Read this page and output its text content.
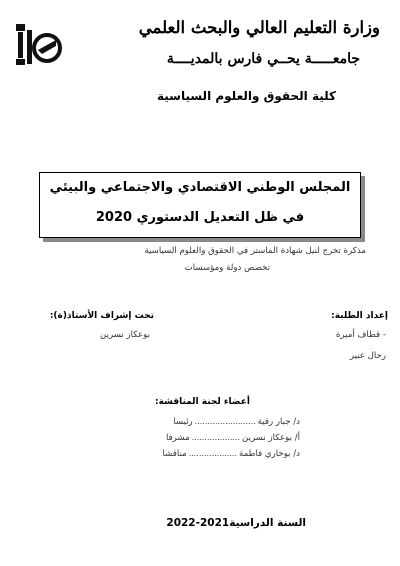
وزارة التعليم العالي والبحث العلمي
جامعـــــة يحــي فارس بالمديــــة
كلية الحقوق والعلوم السياسية
المجلس الوطني الاقتصادي والاجتماعي والبيئي
في ظل التعديل الدستوري 2020
مذكرة تخرج لنيل شهادة الماستر في الحقوق والعلوم السياسية
تخصص دولة ومؤسسات
إعداد الطلبة:
- قطاف أميرة
رحال عبير
تحت إشراف الأستاذ(ة):
بوعكاز نسرين
أعضاء لجنة المناقشة:
د/ جبار رقية
........................
رئيسا
أ/ بوعكاز نسرين
...................
مشرفا
د/ بوخاري فاطمة
...................
مناقشا
السنة الدراسية2021-2022
